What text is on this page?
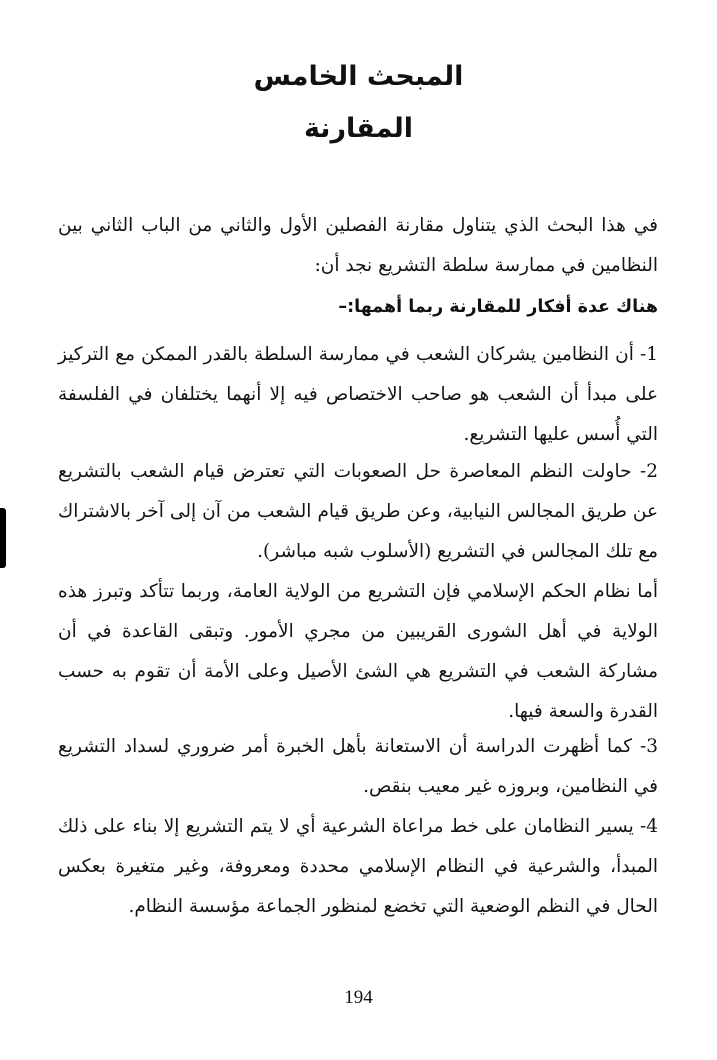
المبحث الخامس
المقارنة
في هذا البحث الذي يتناول مقارنة الفصلين الأول والثاني من الباب الثاني بين النظامين في ممارسة سلطة التشريع نجد أن:
هناك عدة أفكار للمقارنة ربما أهمها:–
1- أن النظامين يشركان الشعب في ممارسة السلطة بالقدر الممكن مع التركيز على مبدأ أن الشعب هو صاحب الاختصاص فيه إلا أنهما يختلفان في الفلسفة التي أُسس عليها التشريع.
2- حاولت النظم المعاصرة حل الصعوبات التي تعترض قيام الشعب بالتشريع عن طريق المجالس النيابية، وعن طريق قيام الشعب من آن إلى آخر بالاشتراك مع تلك المجالس في التشريع (الأسلوب شبه مباشر).
أما نظام الحكم الإسلامي فإن التشريع من الولاية العامة، وربما تتأكد وتبرز هذه الولاية في أهل الشورى القريبين من مجري الأمور. وتبقى القاعدة في أن مشاركة الشعب في التشريع هي الشئ الأصيل وعلى الأمة أن تقوم به حسب القدرة والسعة فيها.
3- كما أظهرت الدراسة أن الاستعانة بأهل الخبرة أمر ضروري لسداد التشريع في النظامين، وبروزه غير معيب بنقص.
4- يسير النظامان على خط مراعاة الشرعية أي لا يتم التشريع إلا بناء على ذلك المبدأ، والشرعية في النظام الإسلامي محددة ومعروفة، وغير متغيرة بعكس الحال في النظم الوضعية التي تخضع لمنظور الجماعة مؤسسة النظام.
194
